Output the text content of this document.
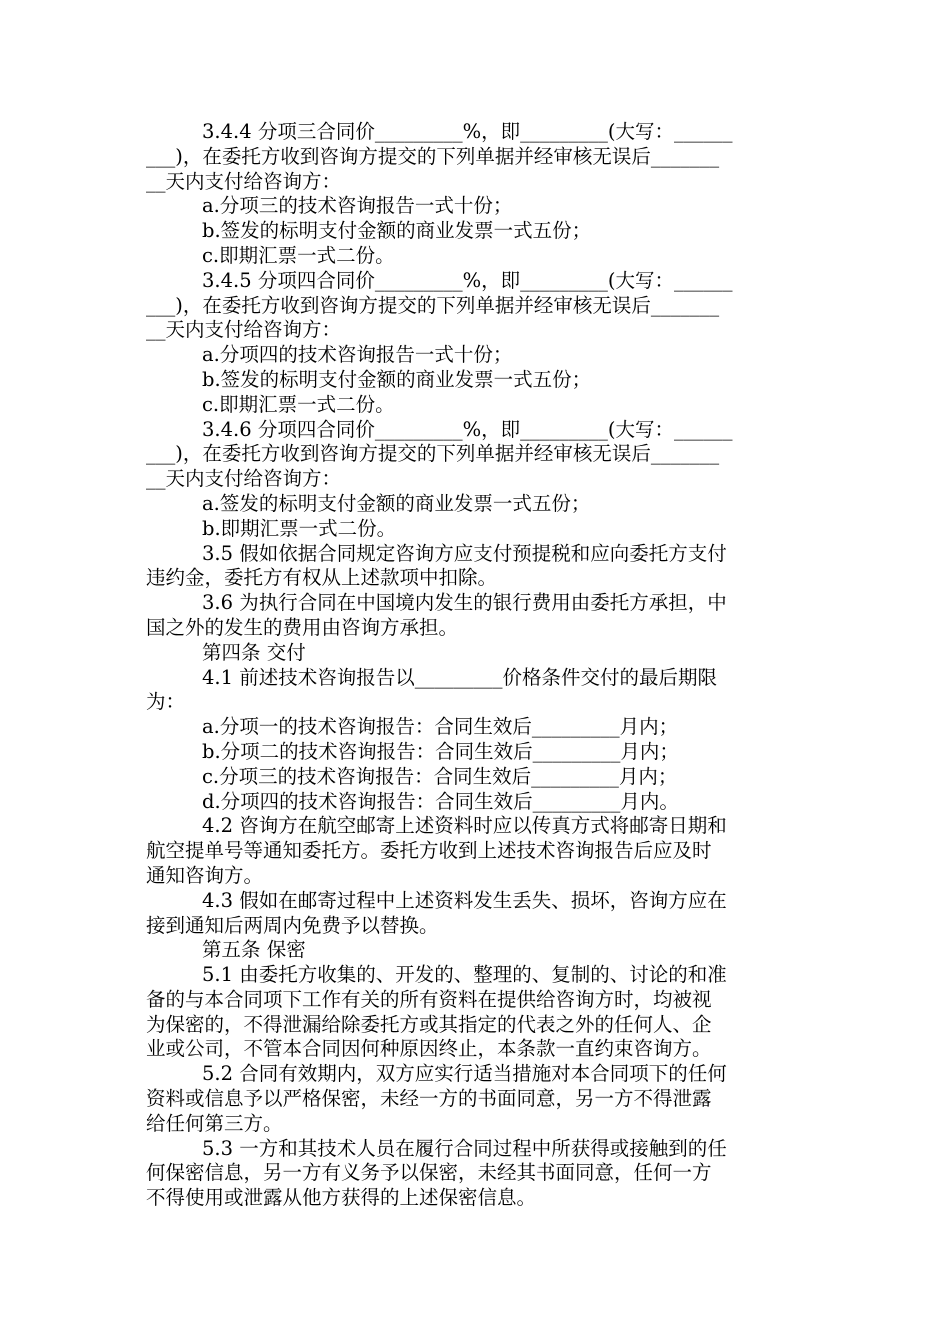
3.4.4 分项三合同价_________%，即_________(大写：______
___)，在委托方收到咨询方提交的下列单据并经审核无误后_______
__天内支付给咨询方：
a.分项三的技术咨询报告一式十份；
b.签发的标明支付金额的商业发票一式五份；
c.即期汇票一式二份。
3.4.5 分项四合同价_________%，即_________(大写：______
___)，在委托方收到咨询方提交的下列单据并经审核无误后_______
__天内支付给咨询方：
a.分项四的技术咨询报告一式十份；
b.签发的标明支付金额的商业发票一式五份；
c.即期汇票一式二份。
3.4.6 分项四合同价_________%，即_________(大写：______
___)，在委托方收到咨询方提交的下列单据并经审核无误后_______
__天内支付给咨询方：
a.签发的标明支付金额的商业发票一式五份；
b.即期汇票一式二份。
3.5 假如依据合同规定咨询方应支付预提税和应向委托方支付
违约金，委托方有权从上述款项中扣除。
3.6 为执行合同在中国境内发生的银行费用由委托方承担，中
国之外的发生的费用由咨询方承担。
第四条 交付
4.1 前述技术咨询报告以_________价格条件交付的最后期限
为：
a.分项一的技术咨询报告：合同生效后_________月内；
b.分项二的技术咨询报告：合同生效后_________月内；
c.分项三的技术咨询报告：合同生效后_________月内；
d.分项四的技术咨询报告：合同生效后_________月内。
4.2 咨询方在航空邮寄上述资料时应以传真方式将邮寄日期和
航空提单号等通知委托方。委托方收到上述技术咨询报告后应及时
通知咨询方。
4.3 假如在邮寄过程中上述资料发生丢失、损坏，咨询方应在
接到通知后两周内免费予以替换。
第五条 保密
5.1 由委托方收集的、开发的、整理的、复制的、讨论的和准
备的与本合同项下工作有关的所有资料在提供给咨询方时，均被视
为保密的，不得泄漏给除委托方或其指定的代表之外的任何人、企
业或公司，不管本合同因何种原因终止，本条款一直约束咨询方。
5.2 合同有效期内，双方应实行适当措施对本合同项下的任何
资料或信息予以严格保密，未经一方的书面同意，另一方不得泄露
给任何第三方。
5.3 一方和其技术人员在履行合同过程中所获得或接触到的任
何保密信息，另一方有义务予以保密，未经其书面同意，任何一方
不得使用或泄露从他方获得的上述保密信息。
